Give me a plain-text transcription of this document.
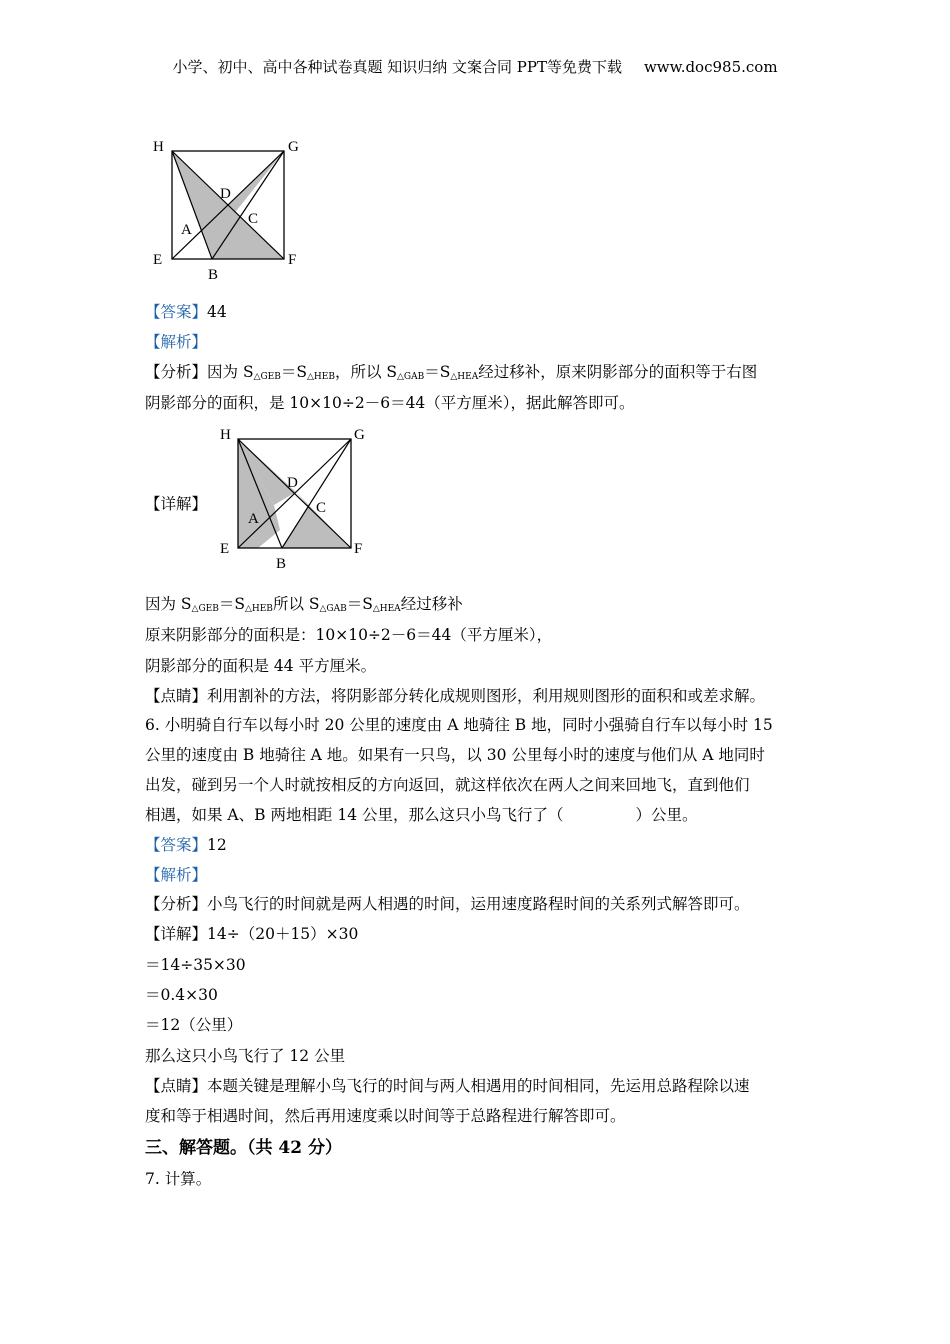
小学、初中、高中各种试卷真题 知识归纳 文案合同 PPT等免费下载 www.doc985.com
H	G
D
C
A
E
B
F
【答案】44
【解析】
【分析】因为 $S_{\triangle GEB}=S_{\triangle HEB}$，所以 $S_{\triangle GAB}=S_{\triangle HEA}$经过移补，原来阴影部分的面积等于右图
阴影部分的面积，是 10×10÷2－6＝44（平方厘米），据此解答即可。
【详解】
H	G
D
C
A
E
B
F
因为 $S_{\triangle GEB}=S_{\triangle HEB}$所以 $S_{\triangle GAB}=S_{\triangle HEA}$经过移补
原来阴影部分的面积是：10×10÷2－6＝44（平方厘米），
阴影部分的面积是 44 平方厘米。
【点睛】利用割补的方法，将阴影部分转化成规则图形，利用规则图形的面积和或差求解。
6. 小明骑自行车以每小时 20 公里的速度由 A 地骑往 B 地，同时小强骑自行车以每小时 15
公里的速度由 B 地骑往 A 地。如果有一只鸟，以 30 公里每小时的速度与他们从 A 地同时
出发，碰到另一个人时就按相反的方向返回，就这样依次在两人之间来回地飞，直到他们
相遇，如果 A、B 两地相距 14 公里，那么这只小鸟飞行了（	）公里。
【答案】12
【解析】
【分析】小鸟飞行的时间就是两人相遇的时间，运用速度路程时间的关系列式解答即可。
【详解】14÷（20＋15）×30
＝14÷35×30
＝0.4×30
＝12（公里）
那么这只小鸟飞行了 12 公里
【点睛】本题关键是理解小鸟飞行的时间与两人相遇用的时间相同，先运用总路程除以速
度和等于相遇时间，然后再用速度乘以时间等于总路程进行解答即可。
三、解答题。（共 42 分）
7. 计算。
